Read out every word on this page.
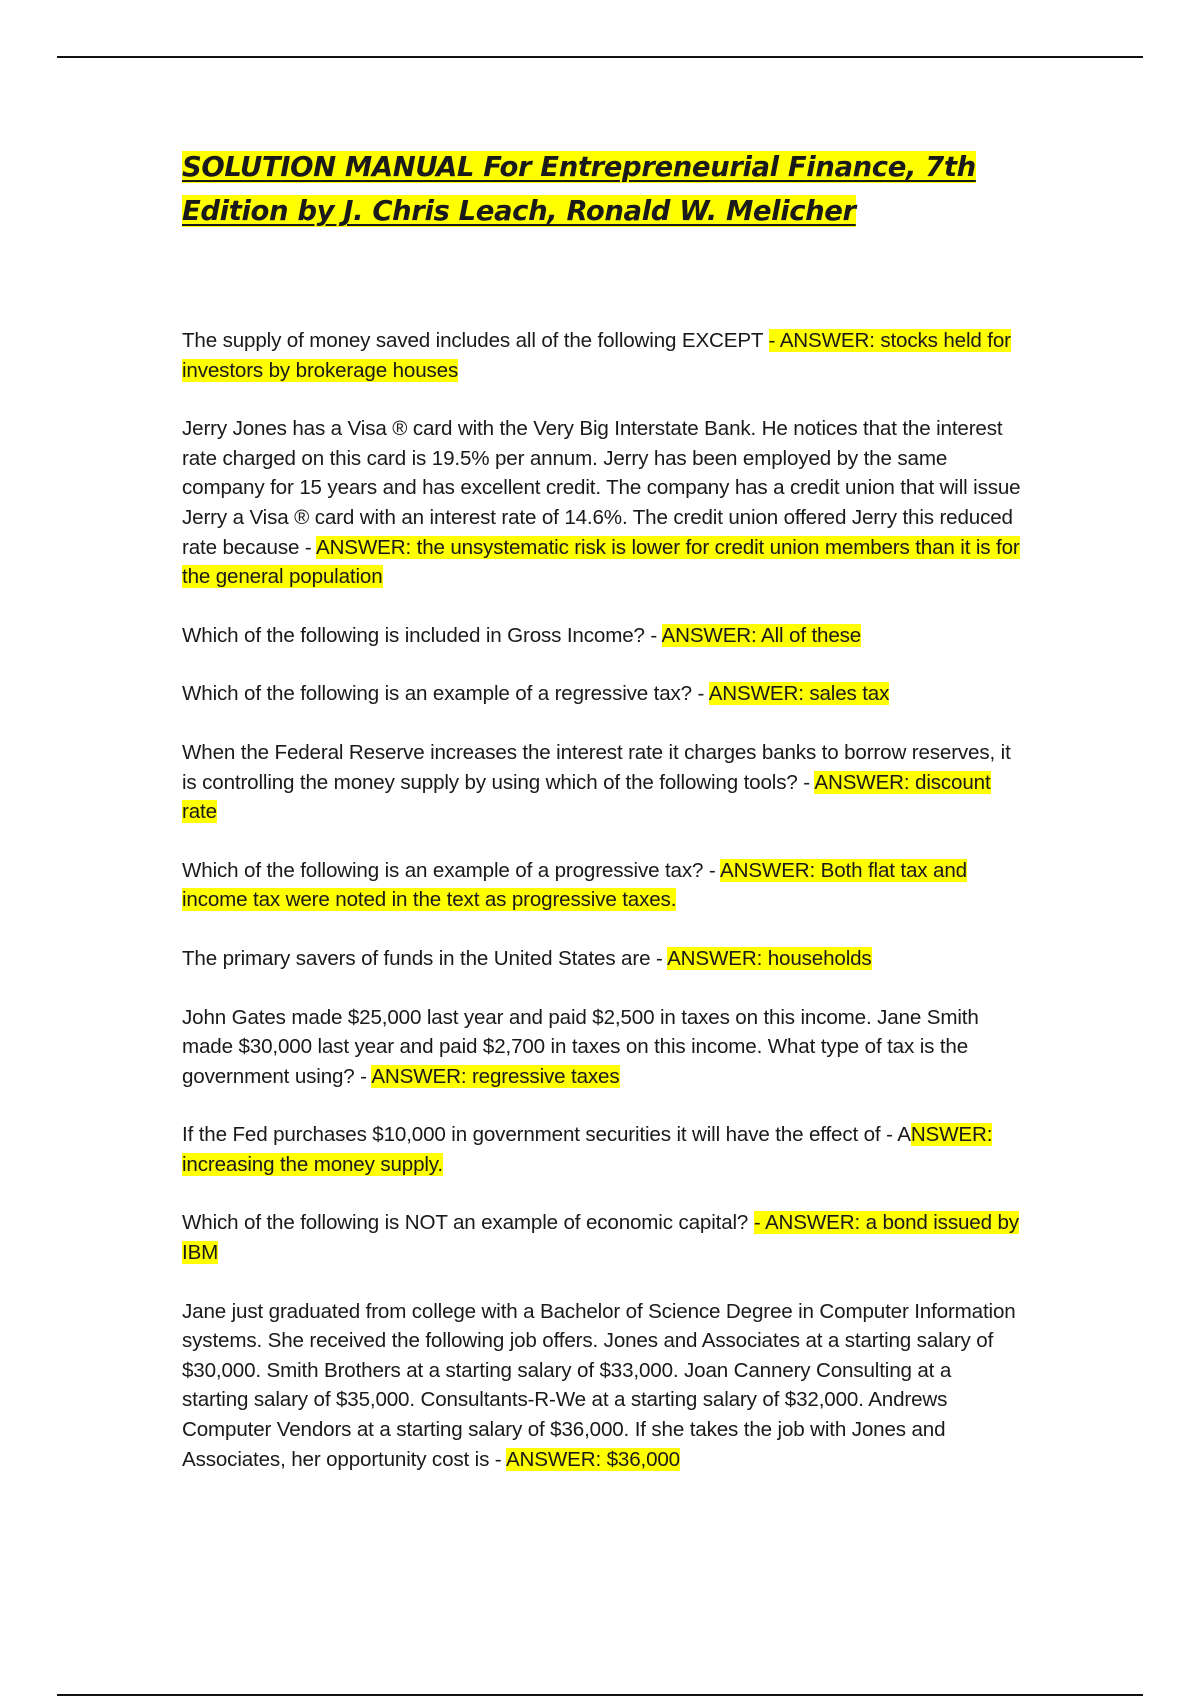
SOLUTION MANUAL For Entrepreneurial Finance, 7th Edition by J. Chris Leach, Ronald W. Melicher

The supply of money saved includes all of the following EXCEPT - ANSWER: stocks held for investors by brokerage houses

Jerry Jones has a Visa ® card with the Very Big Interstate Bank. He notices that the interest rate charged on this card is 19.5% per annum. Jerry has been employed by the same company for 15 years and has excellent credit. The company has a credit union that will issue Jerry a Visa ® card with an interest rate of 14.6%. The credit union offered Jerry this reduced rate because - ANSWER: the unsystematic risk is lower for credit union members than it is for the general population

Which of the following is included in Gross Income? - ANSWER: All of these

Which of the following is an example of a regressive tax? - ANSWER: sales tax

When the Federal Reserve increases the interest rate it charges banks to borrow reserves, it is controlling the money supply by using which of the following tools? - ANSWER: discount rate

Which of the following is an example of a progressive tax? - ANSWER: Both flat tax and income tax were noted in the text as progressive taxes.

The primary savers of funds in the United States are - ANSWER: households

John Gates made $25,000 last year and paid $2,500 in taxes on this income. Jane Smith made $30,000 last year and paid $2,700 in taxes on this income. What type of tax is the government using? - ANSWER: regressive taxes

If the Fed purchases $10,000 in government securities it will have the effect of - ANSWER: increasing the money supply.

Which of the following is NOT an example of economic capital? - ANSWER: a bond issued by IBM

Jane just graduated from college with a Bachelor of Science Degree in Computer Information systems. She received the following job offers. Jones and Associates at a starting salary of $30,000. Smith Brothers at a starting salary of $33,000. Joan Cannery Consulting at a starting salary of $35,000. Consultants-R-We at a starting salary of $32,000. Andrews Computer Vendors at a starting salary of $36,000. If she takes the job with Jones and Associates, her opportunity cost is - ANSWER: $36,000
